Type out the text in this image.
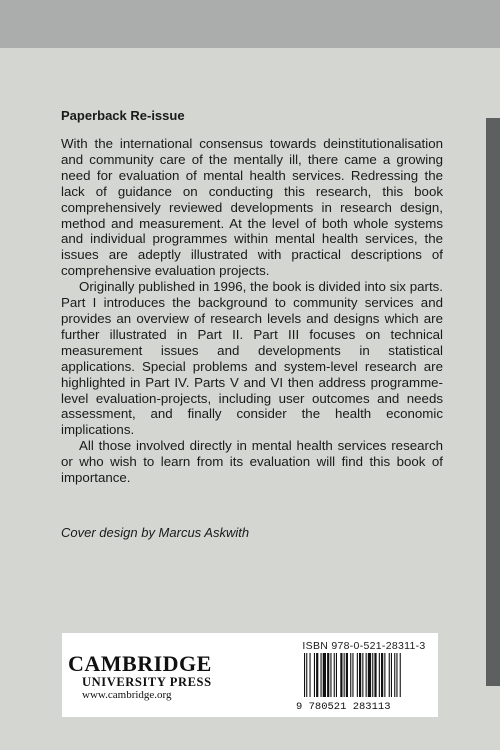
Paperback Re-issue

With the international consensus towards deinstitutionalisation and community care of the mentally ill, there came a growing need for evaluation of mental health services. Redressing the lack of guidance on conducting this research, this book comprehensively reviewed developments in research design, method and measurement. At the level of both whole systems and individual programmes within mental health services, the issues are adeptly illustrated with practical descriptions of comprehensive evaluation projects.

Originally published in 1996, the book is divided into six parts. Part I introduces the background to community services and provides an overview of research levels and designs which are further illustrated in Part II. Part III focuses on technical measurement issues and developments in statistical applications. Special problems and system-level research are highlighted in Part IV. Parts V and VI then address programme-level evaluation-projects, including user outcomes and needs assessment, and finally consider the health economic implications.

All those involved directly in mental health services research or who wish to learn from its evaluation will find this book of importance.

Cover design by Marcus Askwith

CAMBRIDGE
UNIVERSITY PRESS
www.cambridge.org
ISBN 978-0-521-28311-3
9 780521 283113
